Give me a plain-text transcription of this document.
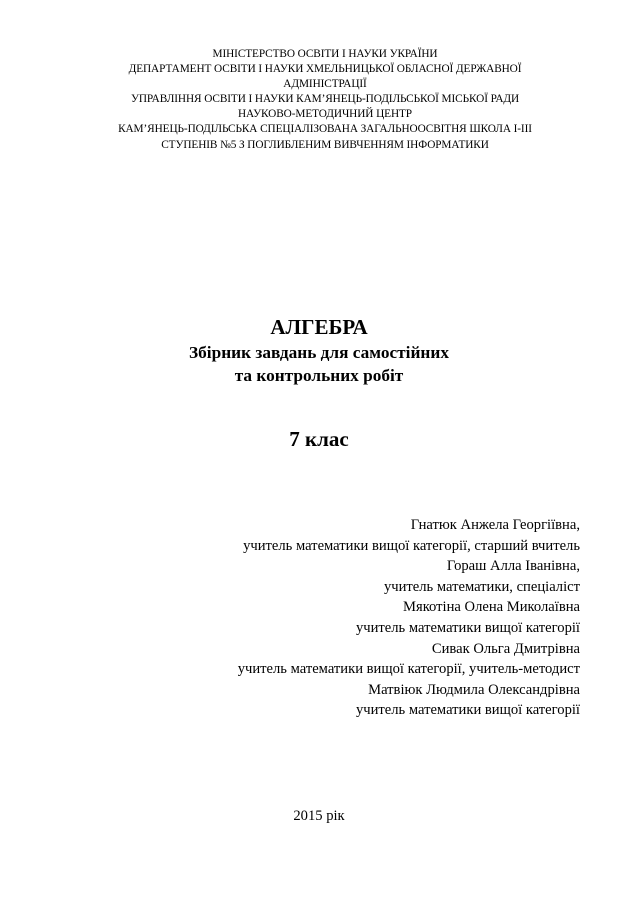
МІНІСТЕРСТВО ОСВІТИ І НАУКИ УКРАЇНИ
ДЕПАРТАМЕНТ ОСВІТИ І НАУКИ ХМЕЛЬНИЦЬКОЇ ОБЛАСНОЇ ДЕРЖАВНОЇ
АДМІНІСТРАЦІЇ
УПРАВЛІННЯ ОСВІТИ І НАУКИ КАМ’ЯНЕЦЬ-ПОДІЛЬСЬКОЇ МІСЬКОЇ РАДИ
НАУКОВО-МЕТОДИЧНИЙ ЦЕНТР
КАМ’ЯНЕЦЬ-ПОДІЛЬСЬКА СПЕЦІАЛІЗОВАНА ЗАГАЛЬНООСВІТНЯ ШКОЛА І-ІІІ
СТУПЕНІВ №5 З ПОГЛИБЛЕНИМ ВИВЧЕННЯМ ІНФОРМАТИКИ
АЛГЕБРА
Збірник завдань для самостійних
та контрольних робіт
7 клас
Гнатюк Анжела Георгіївна,
учитель математики вищої категорії, старший вчитель
Гораш Алла Іванівна,
учитель математики, спеціаліст
Мякотіна Олена Миколаївна
учитель математики вищої категорії
Сивак Ольга Дмитрівна
учитель математики вищої категорії, учитель-методист
Матвіюк Людмила Олександрівна
учитель математики вищої категорії
2015 рік
